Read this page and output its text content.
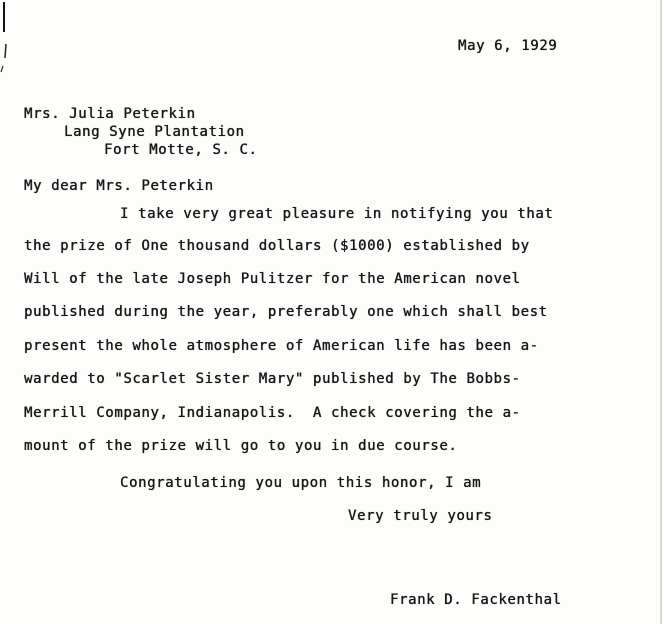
May 6, 1929
Mrs. Julia Peterkin
Lang Syne Plantation
Fort Motte, S. C.
My dear Mrs. Peterkin
I take very great pleasure in notifying you that
the prize of One thousand dollars ($1000) established by
Will of the late Joseph Pulitzer for the American novel
published during the year, preferably one which shall best
present the whole atmosphere of American life has been a-
warded to "Scarlet Sister Mary" published by The Bobbs-
Merrill Company, Indianapolis.  A check covering the a-
mount of the prize will go to you in due course.
Congratulating you upon this honor, I am
Very truly yours
Frank D. Fackenthal
